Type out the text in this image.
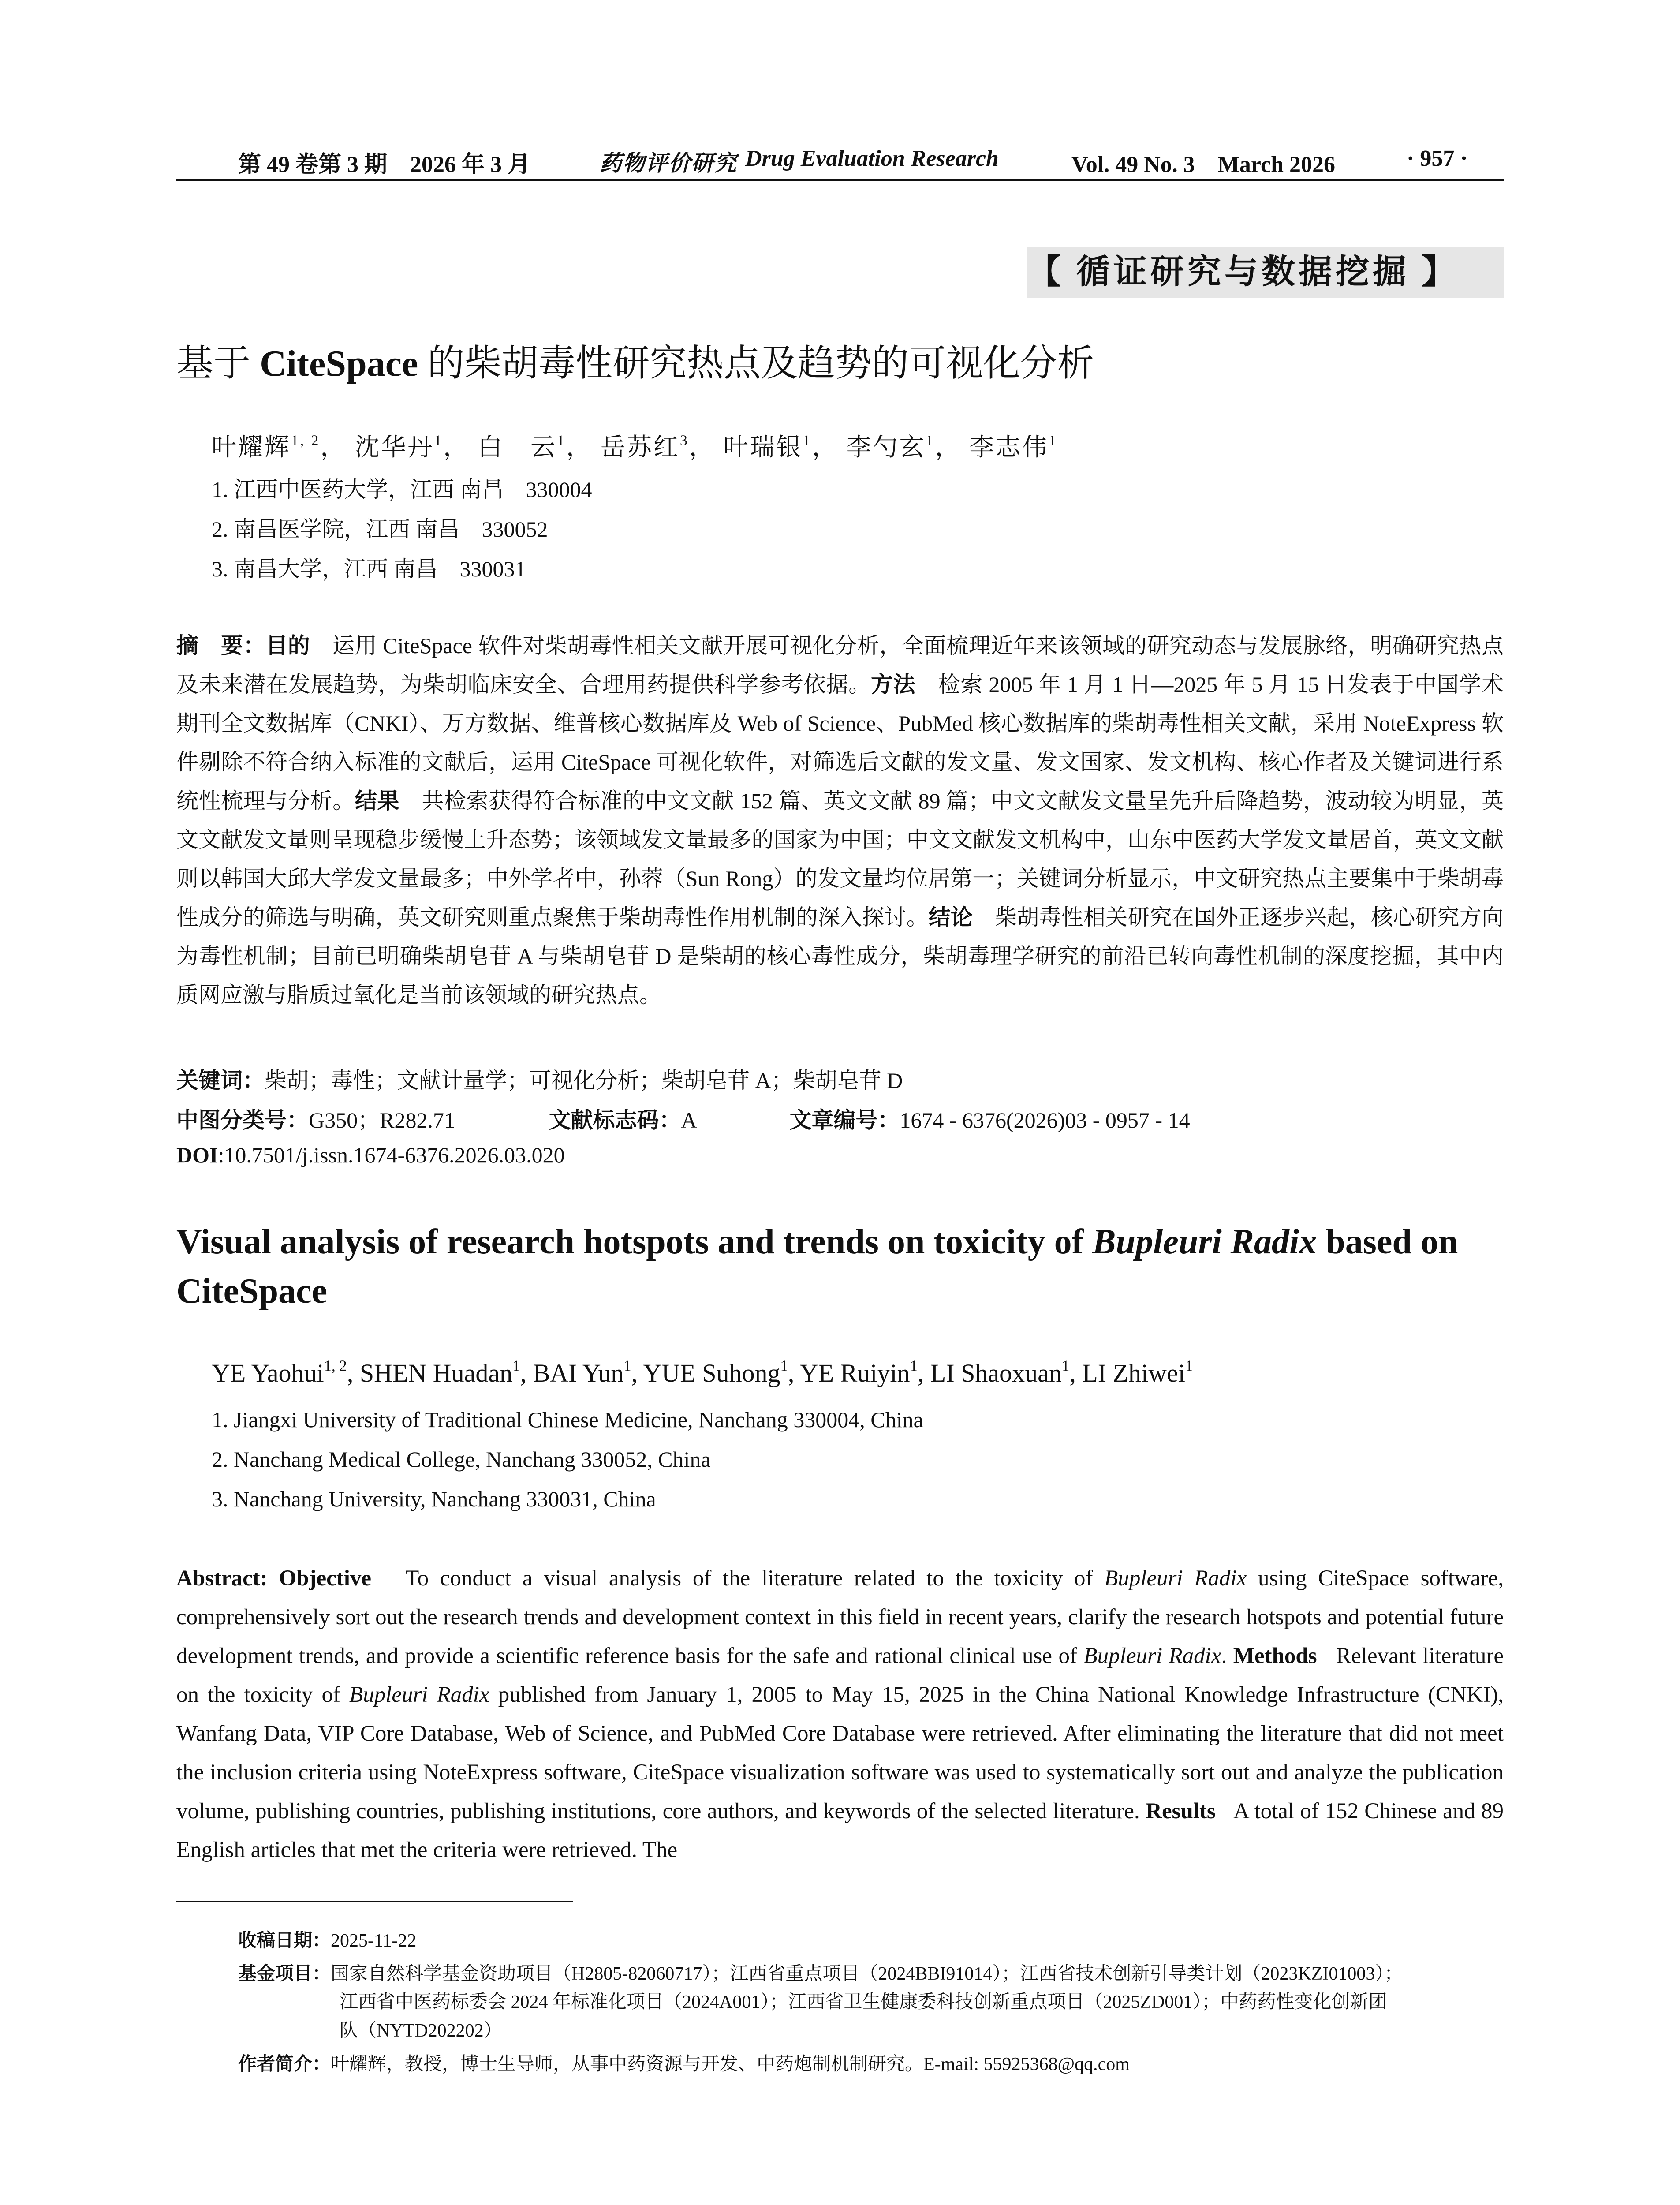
第 49 卷第 3 期　2026 年 3 月	药物评价研究 Drug Evaluation Research	Vol. 49 No. 3　March 2026	· 957 ·
【 循证研究与数据挖掘 】
基于 CiteSpace 的柴胡毒性研究热点及趋势的可视化分析
叶耀辉$^{1, 2}$， 沈华丹$^1$， 白　云$^1$， 岳苏红$^3$， 叶瑞银$^1$， 李勺玄$^1$， 李志伟$^1$
1. 江西中医药大学，江西 南昌　330004
2. 南昌医学院，江西 南昌　330052
3. 南昌大学，江西 南昌　330031

摘　要：目的　 运用 CiteSpace 软件对柴胡毒性相关文献开展可视化分析，全面梳理近年来该领域的研究动态与发展脉络，明确研究热点及未来潜在发展趋势，为柴胡临床安全、合理用药提供科学参考依据。方法　 检索 2005 年 1 月 1 日—2025 年 5 月 15 日发表于中国学术期刊全文数据库（CNKI）、万方数据、维普核心数据库及 Web of Science、PubMed 核心数据库的柴胡毒性相关文献，采用 NoteExpress 软件剔除不符合纳入标准的文献后，运用 CiteSpace 可视化软件，对筛选后文献的发文量、发文国家、发文机构、核心作者及关键词进行系统性梳理与分析。结果　 共检索获得符合标准的中文文献 152 篇、英文文献 89 篇；中文文献发文量呈先升后降趋势，波动较为明显，英文文献发文量则呈现稳步缓慢上升态势；该领域发文量最多的国家为中国；中文文献发文机构中，山东中医药大学发文量居首，英文文献则以韩国大邱大学发文量最多；中外学者中，孙蓉（Sun Rong）的发文量均位居第一；关键词分析显示，中文研究热点主要集中于柴胡毒性成分的筛选与明确，英文研究则重点聚焦于柴胡毒性作用机制的深入探讨。结论　 柴胡毒性相关研究在国外正逐步兴起，核心研究方向为毒性机制；目前已明确柴胡皂苷 A 与柴胡皂苷 D 是柴胡的核心毒性成分，柴胡毒理学研究的前沿已转向毒性机制的深度挖掘，其中内质网应激与脂质过氧化是当前该领域的研究热点。

关键词：柴胡；毒性；文献计量学；可视化分析；柴胡皂苷 A；柴胡皂苷 D
中图分类号：G350；R282.71	文献标志码：A	文章编号：1674 - 6376(2026)03 - 0957 - 14
DOI:10.7501/j.issn.1674-6376.2026.03.020

Visual analysis of research hotspots and trends on toxicity of Bupleuri Radix based on CiteSpace

YE Yaohui$^{1, 2}$, SHEN Huadan$^1$, BAI Yun$^1$, YUE Suhong$^1$, YE Ruiyin$^1$, LI Shaoxuan$^1$, LI Zhiwei$^1$
1. Jiangxi University of Traditional Chinese Medicine, Nanchang 330004, China
2. Nanchang Medical College, Nanchang 330052, China
3. Nanchang University, Nanchang 330031, China

Abstract: Objective To conduct a visual analysis of the literature related to the toxicity of Bupleuri Radix using CiteSpace software, comprehensively sort out the research trends and development context in this field in recent years, clarify the research hotspots and potential future development trends, and provide a scientific reference basis for the safe and rational clinical use of Bupleuri Radix. Methods Relevant literature on the toxicity of Bupleuri Radix published from January 1, 2005 to May 15, 2025 in the China National Knowledge Infrastructure (CNKI), Wanfang Data, VIP Core Database, Web of Science, and PubMed Core Database were retrieved. After eliminating the literature that did not meet the inclusion criteria using NoteExpress software, CiteSpace visualization software was used to systematically sort out and analyze the publication volume, publishing countries, publishing institutions, core authors, and keywords of the selected literature. Results A total of 152 Chinese and 89 English articles that met the criteria were retrieved. The

收稿日期：2025-11-22
基金项目：国家自然科学基金资助项目（H2805-82060717）；江西省重点项目（2024BBI91014）；江西省技术创新引导类计划（2023KZI01003）；
江西省中医药标委会 2024 年标准化项目（2024A001）；江西省卫生健康委科技创新重点项目（2025ZD001）；中药药性变化创新团
队（NYTD202202）
作者简介：叶耀辉，教授，博士生导师，从事中药资源与开发、中药炮制机制研究。E-mail: 55925368@qq.com
